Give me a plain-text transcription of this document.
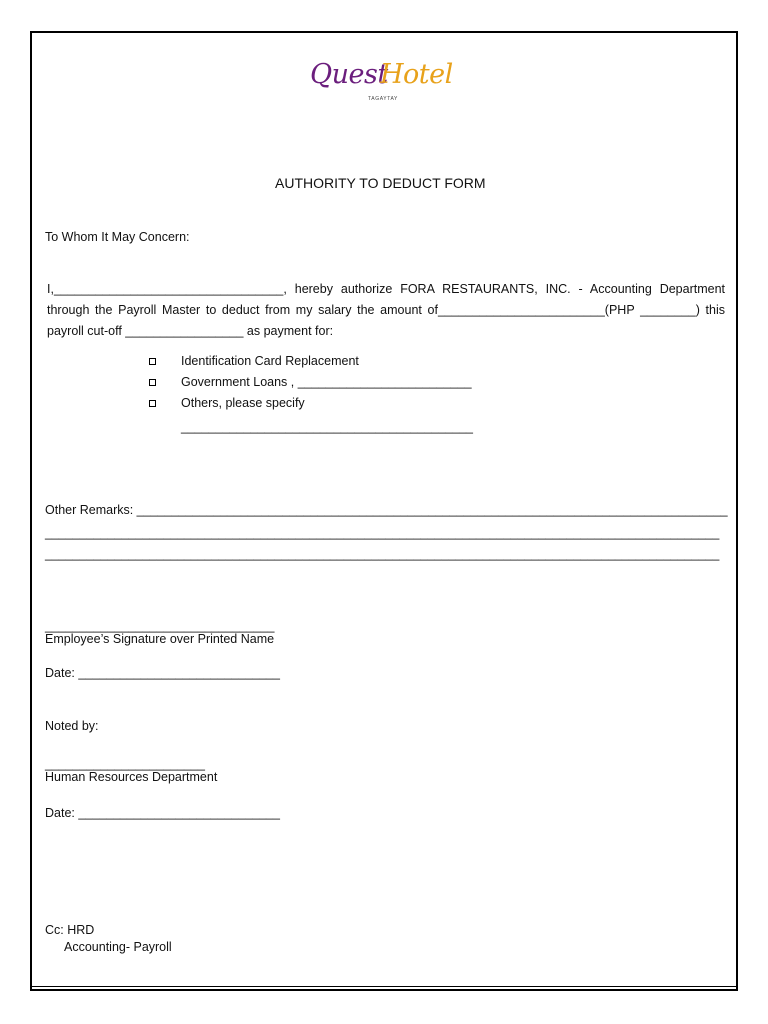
Quest
Hotel
TAGAYTAY
AUTHORITY TO DEDUCT FORM
To Whom It May Concern:
I,_________________________________, hereby authorize FORA RESTAURANTS, INC. - Accounting Department
through the Payroll Master to deduct from my salary the amount of________________________(PHP ________) this
payroll cut-off _________________ as payment for:
Identification Card Replacement
Government Loans , _________________________
Others, please specify
__________________________________________
Other Remarks: _____________________________________________________________________________________
_________________________________________________________________________________________________
_________________________________________________________________________________________________
_________________________________
Employee’s Signature over Printed Name
Date: _____________________________
Noted by:
_______________________
Human Resources Department
Date: _____________________________
Cc: HRD
Accounting- Payroll
